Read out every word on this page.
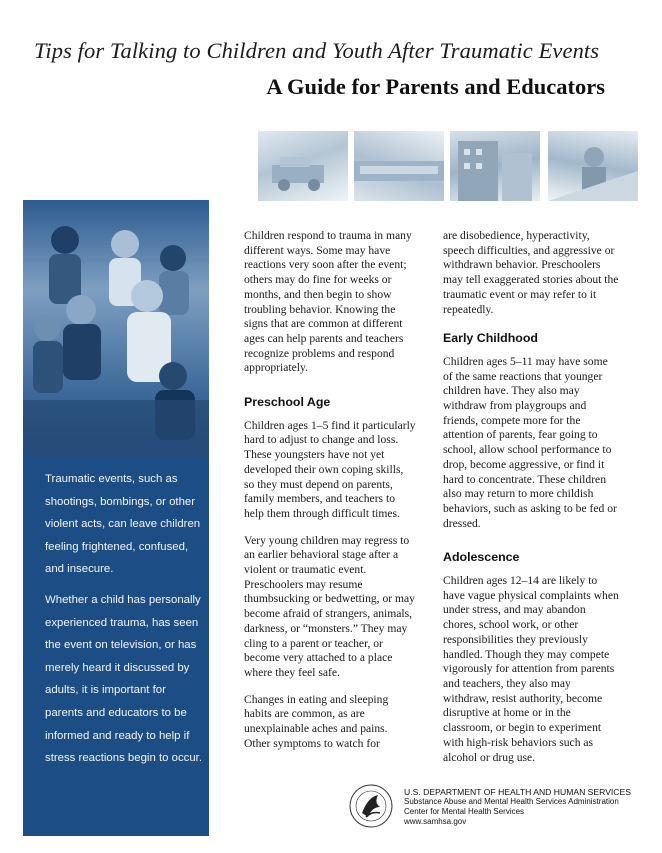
Tips for Talking to Children and Youth After Traumatic Events
A Guide for Parents and Educators

Traumatic events, such as shootings, bombings, or other violent acts, can leave children feeling frightened, confused, and insecure.

Whether a child has personally experienced trauma, has seen the event on television, or has merely heard it discussed by adults, it is important for parents and educators to be informed and ready to help if stress reactions begin to occur.

Children respond to trauma in many different ways. Some may have reactions very soon after the event; others may do fine for weeks or months, and then begin to show troubling behavior. Knowing the signs that are common at different ages can help parents and teachers recognize problems and respond appropriately.

Preschool Age

Children ages 1–5 find it particularly hard to adjust to change and loss. These youngsters have not yet developed their own coping skills, so they must depend on parents, family members, and teachers to help them through difficult times.

Very young children may regress to an earlier behavioral stage after a violent or traumatic event. Preschoolers may resume thumbsucking or bedwetting, or may become afraid of strangers, animals, darkness, or “monsters.” They may cling to a parent or teacher, or become very attached to a place where they feel safe.

Changes in eating and sleeping habits are common, as are unexplainable aches and pains. Other symptoms to watch for

are disobedience, hyperactivity, speech difficulties, and aggressive or withdrawn behavior. Preschoolers may tell exaggerated stories about the traumatic event or may refer to it repeatedly.

Early Childhood

Children ages 5–11 may have some of the same reactions that younger children have. They also may withdraw from playgroups and friends, compete more for the attention of parents, fear going to school, allow school performance to drop, become aggressive, or find it hard to concentrate. These children also may return to more childish behaviors, such as asking to be fed or dressed.

Adolescence

Children ages 12–14 are likely to have vague physical complaints when under stress, and may abandon chores, school work, or other responsibilities they previously handled. Though they may compete vigorously for attention from parents and teachers, they also may withdraw, resist authority, become disruptive at home or in the classroom, or begin to experiment with high-risk behaviors such as alcohol or drug use.

U.S. DEPARTMENT OF HEALTH AND HUMAN SERVICES
Substance Abuse and Mental Health Services Administration
Center for Mental Health Services
www.samhsa.gov
